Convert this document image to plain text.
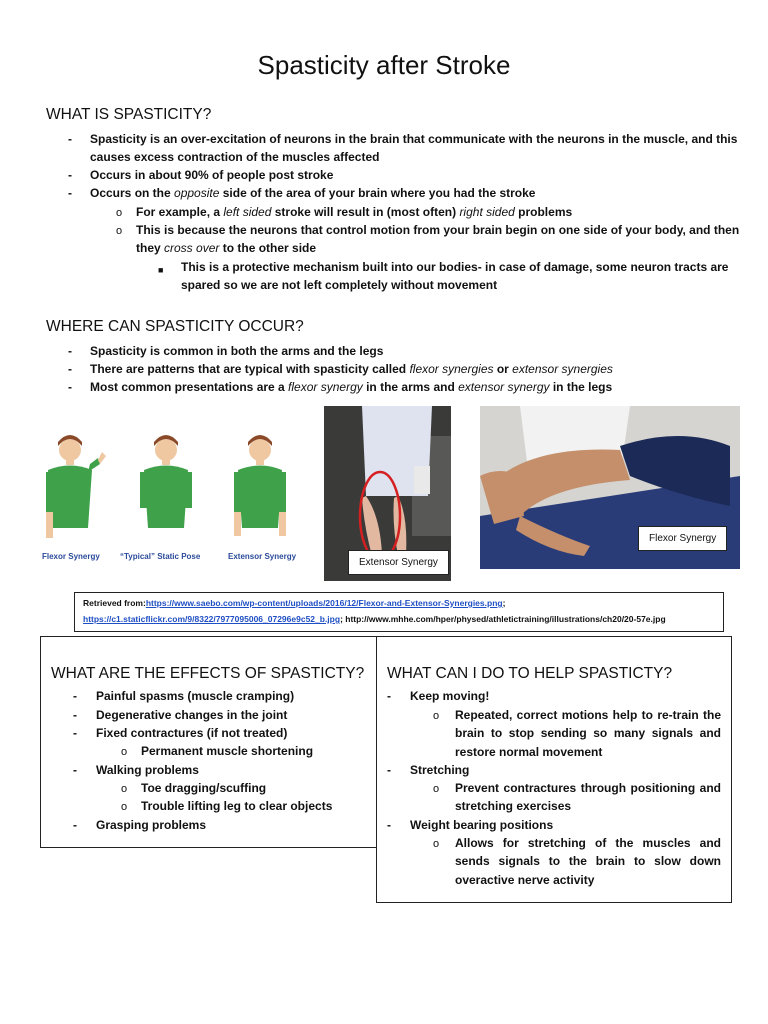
Spasticity after Stroke
WHAT IS SPASTICITY?
-	Spasticity is an over-excitation of neurons in the brain that communicate with the neurons in the muscle, and this
causes excess contraction of the muscles affected
-	Occurs in about 90% of people post stroke
-	Occurs on the opposite side of the area of your brain where you had the stroke
o For example, a left sided stroke will result in (most often) right sided problems
o This is because the neurons that control motion from your brain begin on one side of your body, and then
they cross over to the other side
■ This is a protective mechanism built into our bodies- in case of damage, some neuron tracts are
spared so we are not left completely without movement
WHERE CAN SPASTICITY OCCUR?
-	Spasticity is common in both the arms and the legs
-	There are patterns that are typical with spasticity called flexor synergies or extensor synergies
-	Most common presentations are a flexor synergy in the arms and extensor synergy in the legs
Flexor Synergy	“Typical” Static Pose	Extensor Synergy
Extensor Synergy
Flexor Synergy
Retrieved from:https://www.saebo.com/wp-content/uploads/2016/12/Flexor-and-Extensor-Synergies.png;
https://c1.staticflickr.com/9/8322/7977095006_07296e9c52_b.jpg; http://www.mhhe.com/hper/physed/athletictraining/illustrations/ch20/20-57e.jpg
WHAT ARE THE EFFECTS OF SPASTICTY?
-	Painful spasms (muscle cramping)
-	Degenerative changes in the joint
-	Fixed contractures (if not treated)
o Permanent muscle shortening
-	Walking problems
o Toe dragging/scuffing
o Trouble lifting leg to clear objects
-	Grasping problems
WHAT CAN I DO TO HELP SPASTICTY?
-	Keep moving!
o Repeated, correct motions help to re-train the brain to stop sending so many signals and restore normal movement
-	Stretching
o Prevent contractures through positioning and stretching exercises
-	Weight bearing positions
o Allows for stretching of the muscles and sends signals to the brain to slow down overactive nerve activity
